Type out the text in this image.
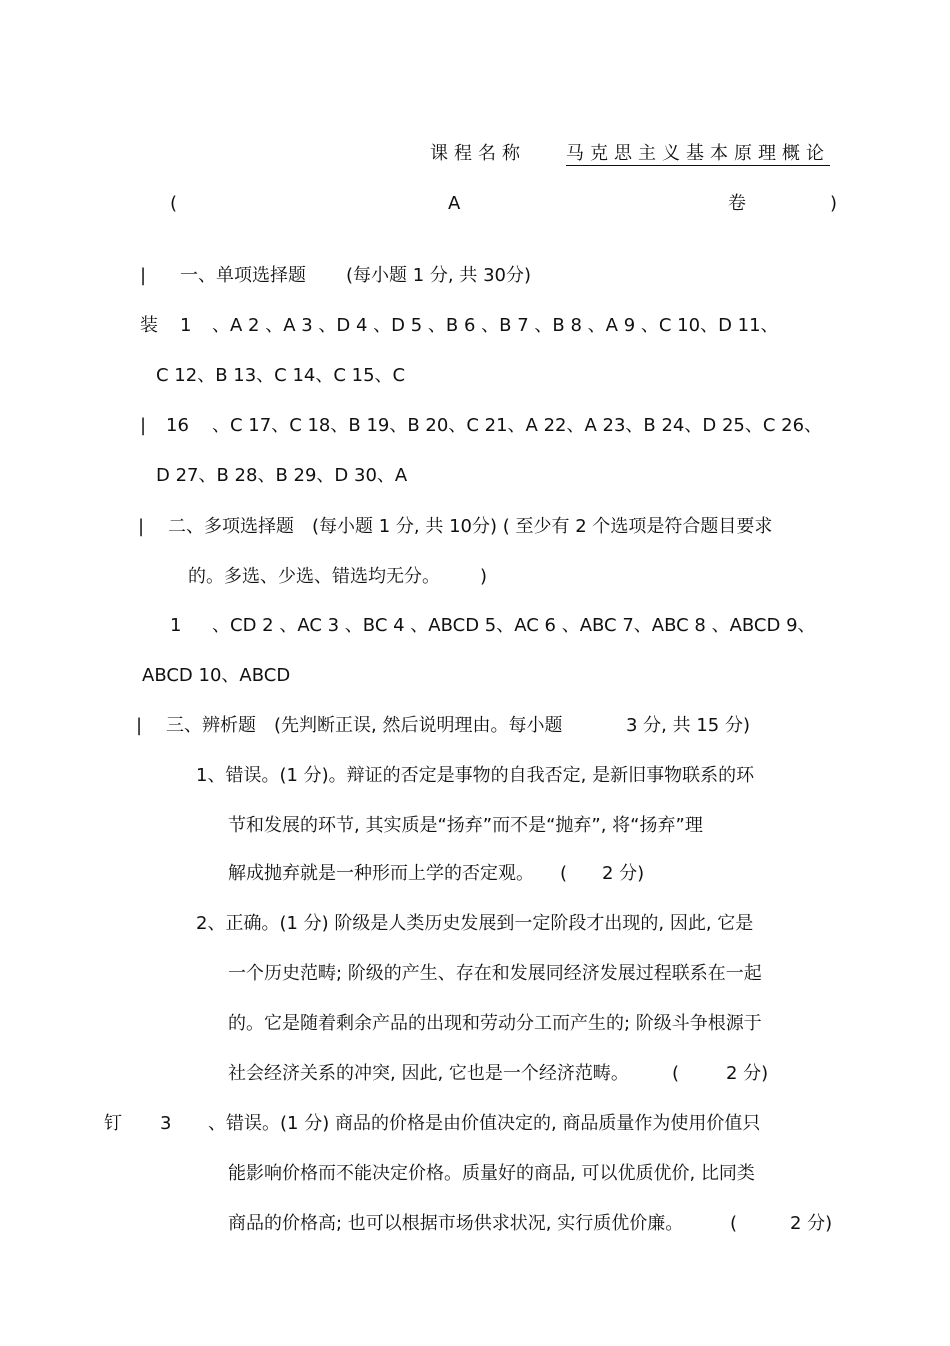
课程名称 马克思主义基本原理概论
(	A	卷	)
| 一、单项选择题 (每小题 1 分, 共 30分)
装 1 、A 2 、A 3 、D 4 、D 5 、B 6 、B 7 、B 8 、A 9 、C 10、D 11、
C 12、B 13、C 14、C 15、C
| 16 、C 17、C 18、B 19、B 20、C 21、A 22、A 23、B 24、D 25、C 26、
D 27、B 28、B 29、D 30、A
| 二、多项选择题 (每小题 1 分, 共 10分) ( 至少有 2 个选项是符合题目要求
的。多选、少选、错选均无分。 )
1 、CD 2 、AC 3 、BC 4 、ABCD 5、AC 6 、ABC 7、ABC 8 、ABCD 9、
ABCD 10、ABCD
| 三、辨析题 (先判断正误, 然后说明理由。每小题	3 分, 共 15 分)
1、错误。(1 分)。辩证的否定是事物的自我否定, 是新旧事物联系的环
节和发展的环节, 其实质是“扬弃”而不是“抛弃”, 将“扬弃”理
解成抛弃就是一种形而上学的否定观。 ( 2 分)
2、正确。(1 分) 阶级是人类历史发展到一定阶段才出现的, 因此, 它是
一个历史范畴; 阶级的产生、存在和发展同经济发展过程联系在一起
的。它是随着剩余产品的出现和劳动分工而产生的; 阶级斗争根源于
社会经济关系的冲突, 因此, 它也是一个经济范畴。 (	2 分)
钉 3 、错误。(1 分) 商品的价格是由价值决定的, 商品质量作为使用价值只
能影响价格而不能决定价格。质量好的商品, 可以优质优价, 比同类
商品的价格高; 也可以根据市场供求状况, 实行质优价廉。	(	2 分)
